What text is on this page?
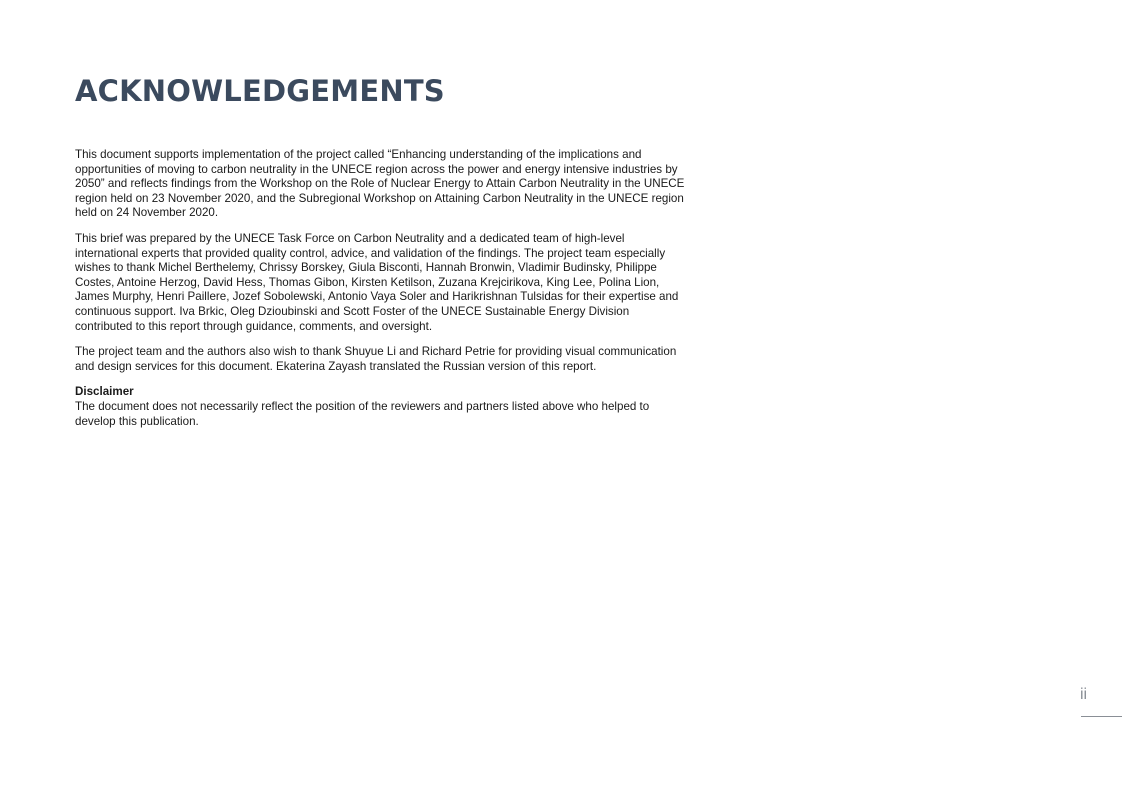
ACKNOWLEDGEMENTS

This document supports implementation of the project called “Enhancing understanding of the implications and opportunities of moving to carbon neutrality in the UNECE region across the power and energy intensive industries by 2050” and reflects findings from the Workshop on the Role of Nuclear Energy to Attain Carbon Neutrality in the UNECE region held on 23 November 2020, and the Subregional Workshop on Attaining Carbon Neutrality in the UNECE region held on 24 November 2020.

This brief was prepared by the UNECE Task Force on Carbon Neutrality and a dedicated team of high-level international experts that provided quality control, advice, and validation of the findings. The project team especially wishes to thank Michel Berthelemy, Chrissy Borskey, Giula Bisconti, Hannah Bronwin, Vladimir Budinsky, Philippe Costes, Antoine Herzog, David Hess, Thomas Gibon, Kirsten Ketilson, Zuzana Krejcirikova, King Lee, Polina Lion, James Murphy, Henri Paillere, Jozef Sobolewski, Antonio Vaya Soler and Harikrishnan Tulsidas for their expertise and continuous support. Iva Brkic, Oleg Dzioubinski and Scott Foster of the UNECE Sustainable Energy Division contributed to this report through guidance, comments, and oversight.

The project team and the authors also wish to thank Shuyue Li and Richard Petrie for providing visual communication and design services for this document. Ekaterina Zayash translated the Russian version of this report.

Disclaimer
The document does not necessarily reflect the position of the reviewers and partners listed above who helped to develop this publication.

ii
